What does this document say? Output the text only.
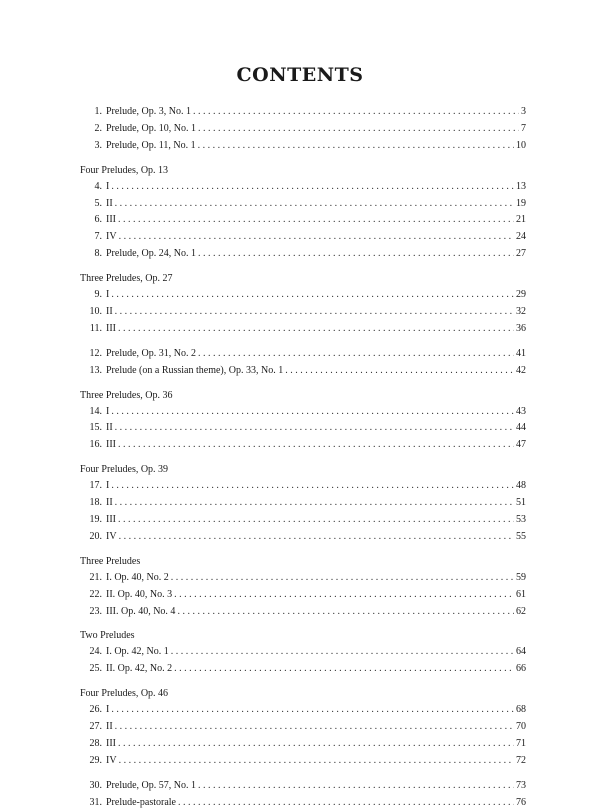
CONTENTS
1. Prelude, Op. 3, No. 1 . . .	3
2. Prelude, Op. 10, No. 1 . . .	7
3. Prelude, Op. 11, No. 1 . . .	10
Four Preludes, Op. 13
4. I . . .	13
5. II . . .	19
6. III . . .	21
7. IV . . .	24
8. Prelude, Op. 24, No. 1 . . .	27
Three Preludes, Op. 27
9. I . . .	29
10. II . . .	32
11. III . . .	36
12. Prelude, Op. 31, No. 2 . . .	41
13. Prelude (on a Russian theme), Op. 33, No. 1 . . .	42
Three Preludes, Op. 36
14. I . . .	43
15. II . . .	44
16. III . . .	47
Four Preludes, Op. 39
17. I . . .	48
18. II . . .	51
19. III . . .	53
20. IV . . .	55
Three Preludes
21. I. Op. 40, No. 2 . . .	59
22. II. Op. 40, No. 3 . . .	61
23. III. Op. 40, No. 4 . . .	62
Two Preludes
24. I. Op. 42, No. 1 . . .	64
25. II. Op. 42, No. 2 . . .	66
Four Preludes, Op. 46
26. I . . .	68
27. II . . .	70
28. III . . .	71
29. IV . . .	72
30. Prelude, Op. 57, No. 1 . . .	73
31. Prelude-pastorale . . .	76
